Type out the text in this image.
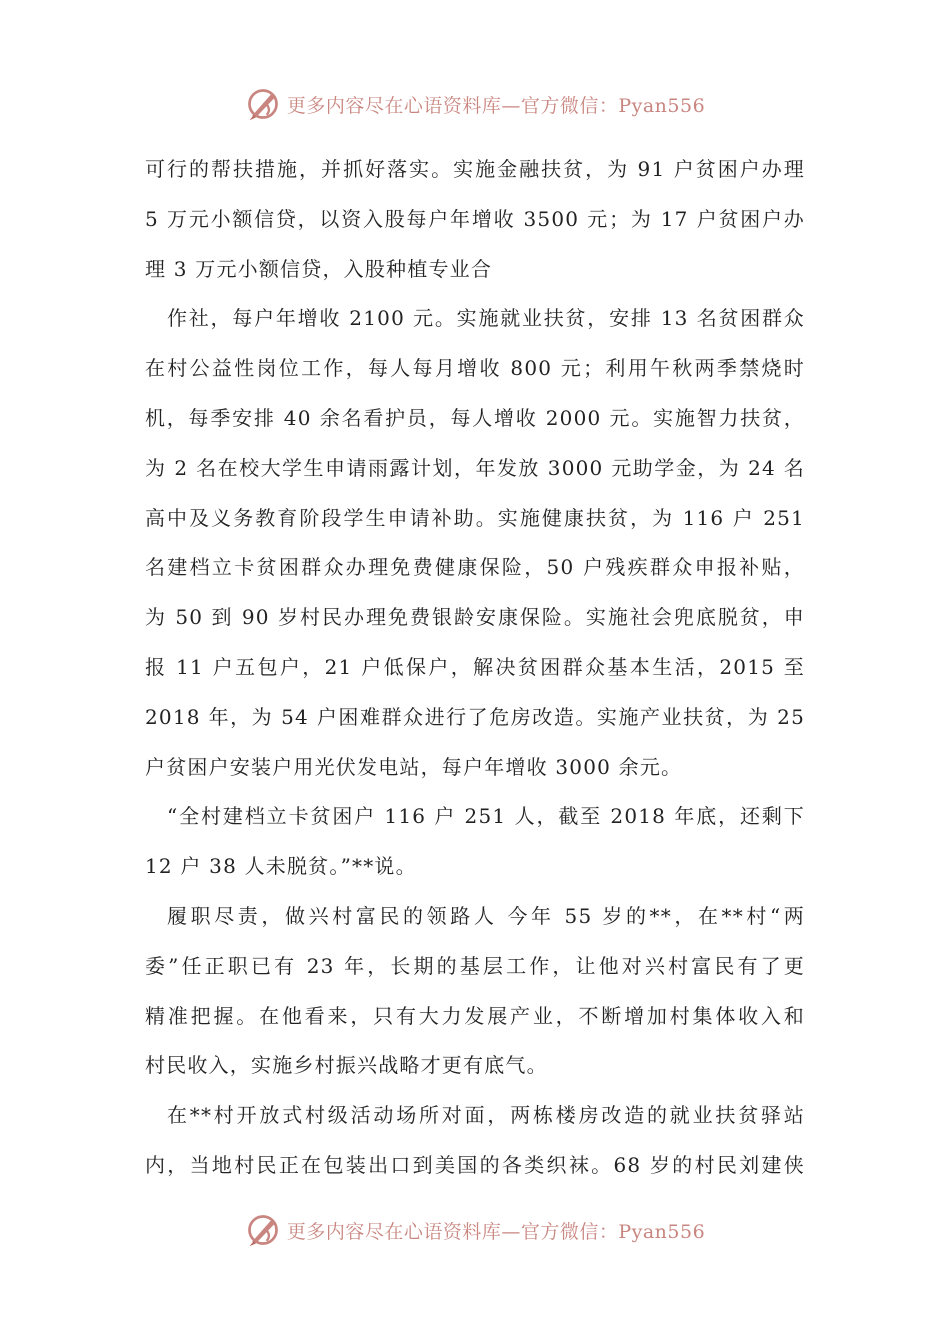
更多内容尽在心语资料库—官方微信：Pyan556
可行的帮扶措施，并抓好落实。实施金融扶贫，为 91 户贫困户办理
5 万元小额信贷，以资入股每户年增收 3500 元；为 17 户贫困户办
理 3 万元小额信贷，入股种植专业合
作社，每户年增收 2100 元。实施就业扶贫，安排 13 名贫困群众
在村公益性岗位工作，每人每月增收 800 元；利用午秋两季禁烧时
机，每季安排 40 余名看护员，每人增收 2000 元。实施智力扶贫，
为 2 名在校大学生申请雨露计划，年发放 3000 元助学金，为 24 名
高中及义务教育阶段学生申请补助。实施健康扶贫，为 116 户 251
名建档立卡贫困群众办理免费健康保险，50 户残疾群众申报补贴，
为 50 到 90 岁村民办理免费银龄安康保险。实施社会兜底脱贫，申
报 11 户五包户，21 户低保户，解决贫困群众基本生活，2015 至
2018 年，为 54 户困难群众进行了危房改造。实施产业扶贫，为 25
户贫困户安装户用光伏发电站，每户年增收 3000 余元。
“全村建档立卡贫困户 116 户 251 人，截至 2018 年底，还剩下
12 户 38 人未脱贫。”**说。
履职尽责，做兴村富民的领路人 今年 55 岁的**，在**村“两
委”任正职已有 23 年，长期的基层工作，让他对兴村富民有了更
精准把握。在他看来，只有大力发展产业，不断增加村集体收入和
村民收入，实施乡村振兴战略才更有底气。
在**村开放式村级活动场所对面，两栋楼房改造的就业扶贫驿站
内，当地村民正在包装出口到美国的各类织袜。68 岁的村民刘建侠
更多内容尽在心语资料库—官方微信：Pyan556
